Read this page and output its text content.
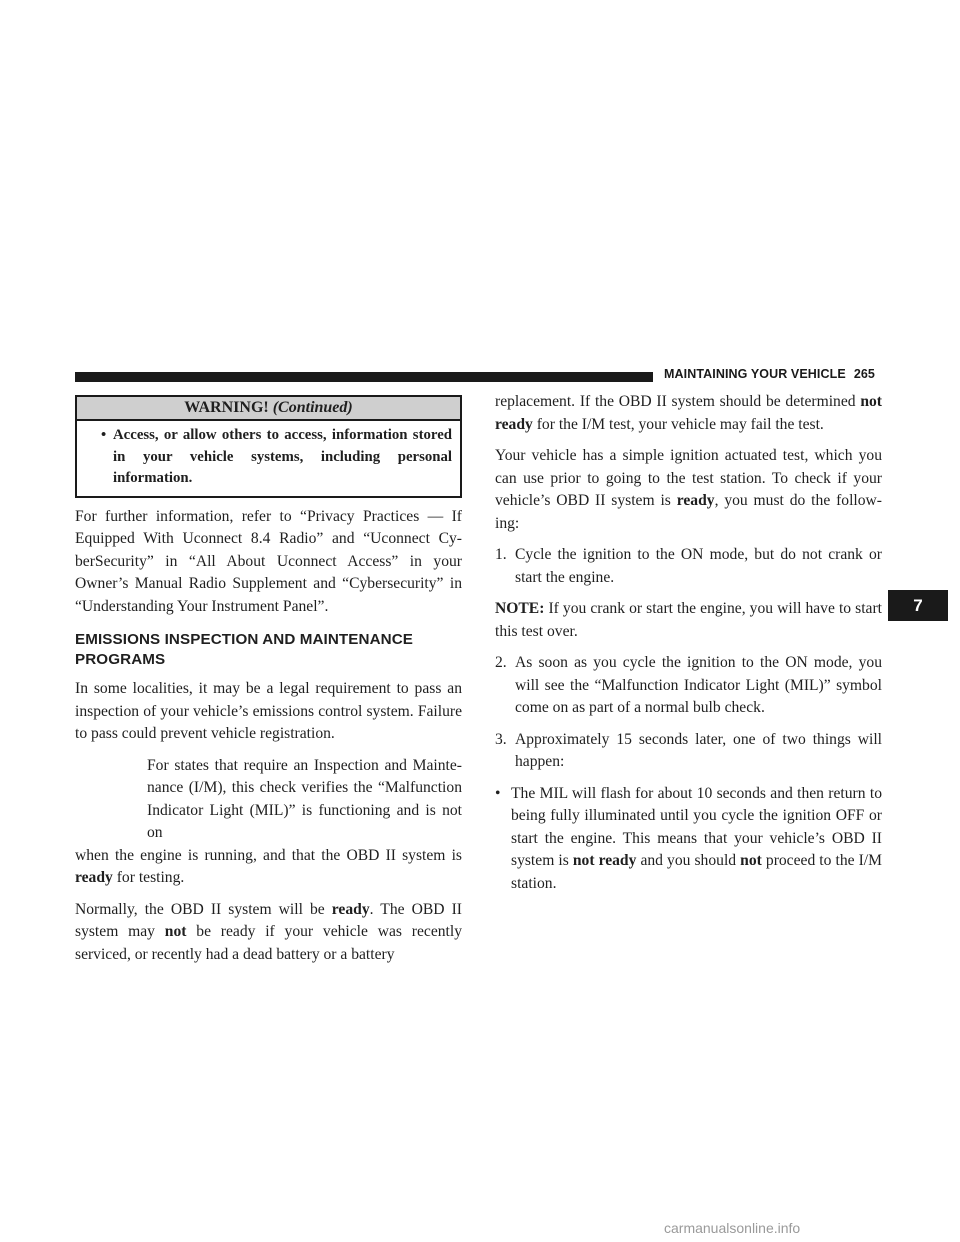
MAINTAINING YOUR VEHICLE 265
WARNING! (Continued)
• Access, or allow others to access, information stored in your vehicle systems, including personal information.

For further information, refer to “Privacy Practices — If Equipped With Uconnect 8.4 Radio” and “Uconnect Cy-berSecurity” in “All About Uconnect Access” in your Owner’s Manual Radio Supplement and “Cybersecurity” in “Understanding Your Instrument Panel”.

EMISSIONS INSPECTION AND MAINTENANCE PROGRAMS

In some localities, it may be a legal requirement to pass an inspection of your vehicle’s emissions control system. Failure to pass could prevent vehicle registration.

For states that require an Inspection and Mainte-nance (I/M), this check verifies the “Malfunction Indicator Light (MIL)” is functioning and is not on

when the engine is running, and that the OBD II system is ready for testing.

Normally, the OBD II system will be ready. The OBD II system may not be ready if your vehicle was recently serviced, or recently had a dead battery or a battery

replacement. If the OBD II system should be determined not ready for the I/M test, your vehicle may fail the test.

Your vehicle has a simple ignition actuated test, which you can use prior to going to the test station. To check if your vehicle’s OBD II system is ready, you must do the follow-ing:

1. Cycle the ignition to the ON mode, but do not crank or start the engine.

NOTE: If you crank or start the engine, you will have to start this test over.

2. As soon as you cycle the ignition to the ON mode, you will see the “Malfunction Indicator Light (MIL)” symbol come on as part of a normal bulb check.
3. Approximately 15 seconds later, one of two things will happen:
• The MIL will flash for about 10 seconds and then return to being fully illuminated until you cycle the ignition OFF or start the engine. This means that your vehicle’s OBD II system is not ready and you should not proceed to the I/M station.
7
carmanualsonline.info
